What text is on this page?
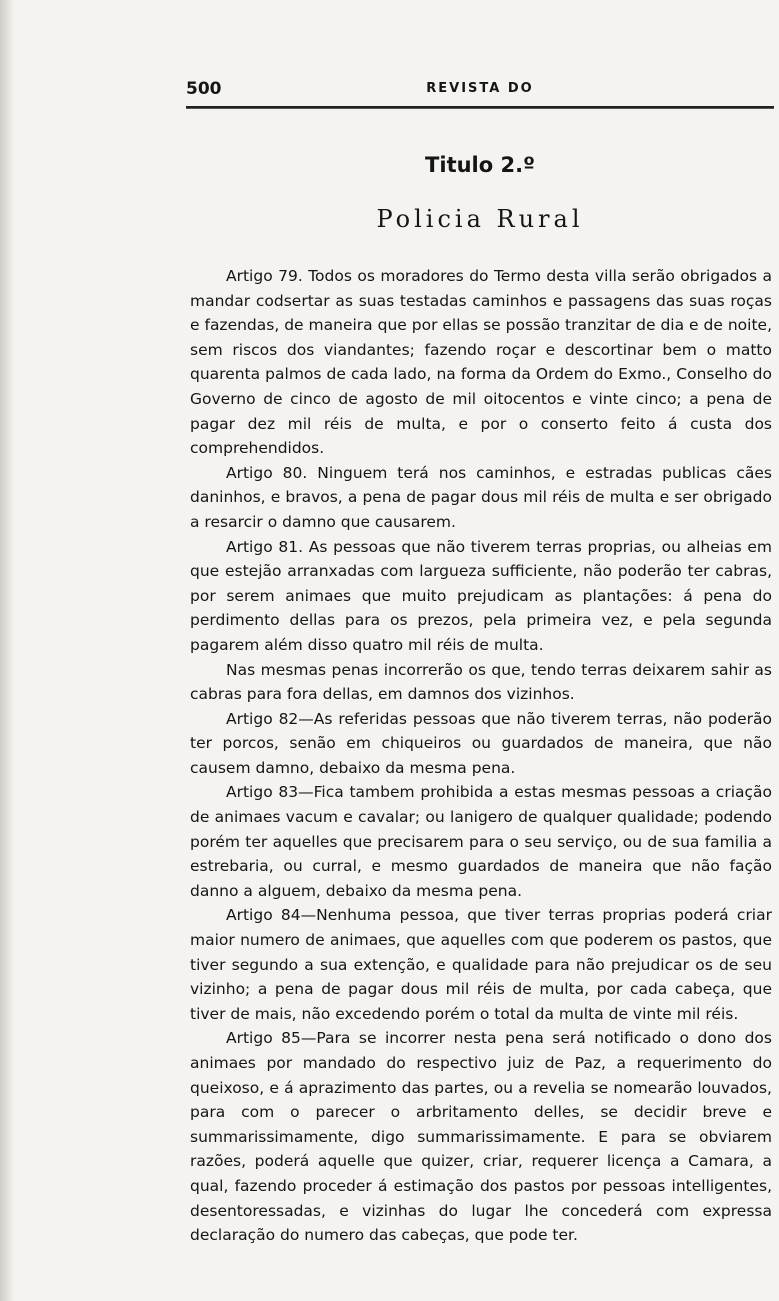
500	REVISTA DO
Titulo 2.º
Policia Rural

Artigo 79. Todos os moradores do Termo desta villa serão obrigados a mandar codsertar as suas testadas caminhos e passagens das suas roças e fazendas, de maneira que por ellas se possão tranzitar de dia e de noite, sem riscos dos viandantes; fazendo roçar e descortinar bem o matto quarenta palmos de cada lado, na forma da Ordem do Exmo., Conselho do Governo de cinco de agosto de mil oitocentos e vinte cinco; a pena de pagar dez mil réis de multa, e por o conserto feito á custa dos comprehendidos.

Artigo 80. Ninguem terá nos caminhos, e estradas publicas cães daninhos, e bravos, a pena de pagar dous mil réis de multa e ser obrigado a resarcir o damno que causarem.

Artigo 81. As pessoas que não tiverem terras proprias, ou alheias em que estejão arranxadas com largueza sufficiente, não poderão ter cabras, por serem animaes que muito prejudicam as plantações: á pena do perdimento dellas para os prezos, pela primeira vez, e pela segunda pagarem além disso quatro mil réis de multa.

Nas mesmas penas incorrerão os que, tendo terras deixarem sahir as cabras para fora dellas, em damnos dos vizinhos.

Artigo 82—As referidas pessoas que não tiverem terras, não poderão ter porcos, senão em chiqueiros ou guardados de maneira, que não causem damno, debaixo da mesma pena.

Artigo 83—Fica tambem prohibida a estas mesmas pessoas a criação de animaes vacum e cavalar; ou lanigero de qualquer qualidade; podendo porém ter aquelles que precisarem para o seu serviço, ou de sua familia a estrebaria, ou curral, e mesmo guardados de maneira que não fação danno a alguem, debaixo da mesma pena.

Artigo 84—Nenhuma pessoa, que tiver terras proprias poderá criar maior numero de animaes, que aquelles com que poderem os pastos, que tiver segundo a sua extenção, e qualidade para não prejudicar os de seu vizinho; a pena de pagar dous mil réis de multa, por cada cabeça, que tiver de mais, não excedendo porém o total da multa de vinte mil réis.

Artigo 85—Para se incorrer nesta pena será notificado o dono dos animaes por mandado do respectivo juiz de Paz, a requerimento do queixoso, e á aprazimento das partes, ou a revelia se nomearão louvados, para com o parecer o arbritamento delles, se decidir breve e summarissimamente, digo summarissimamente. E para se obviarem razões, poderá aquelle que quizer, criar, requerer licença a Camara, a qual, fazendo proceder á estimação dos pastos por pessoas intelligentes, desentoressadas, e vizinhas do lugar lhe concederá com expressa declaração do numero das cabeças, que pode ter.
